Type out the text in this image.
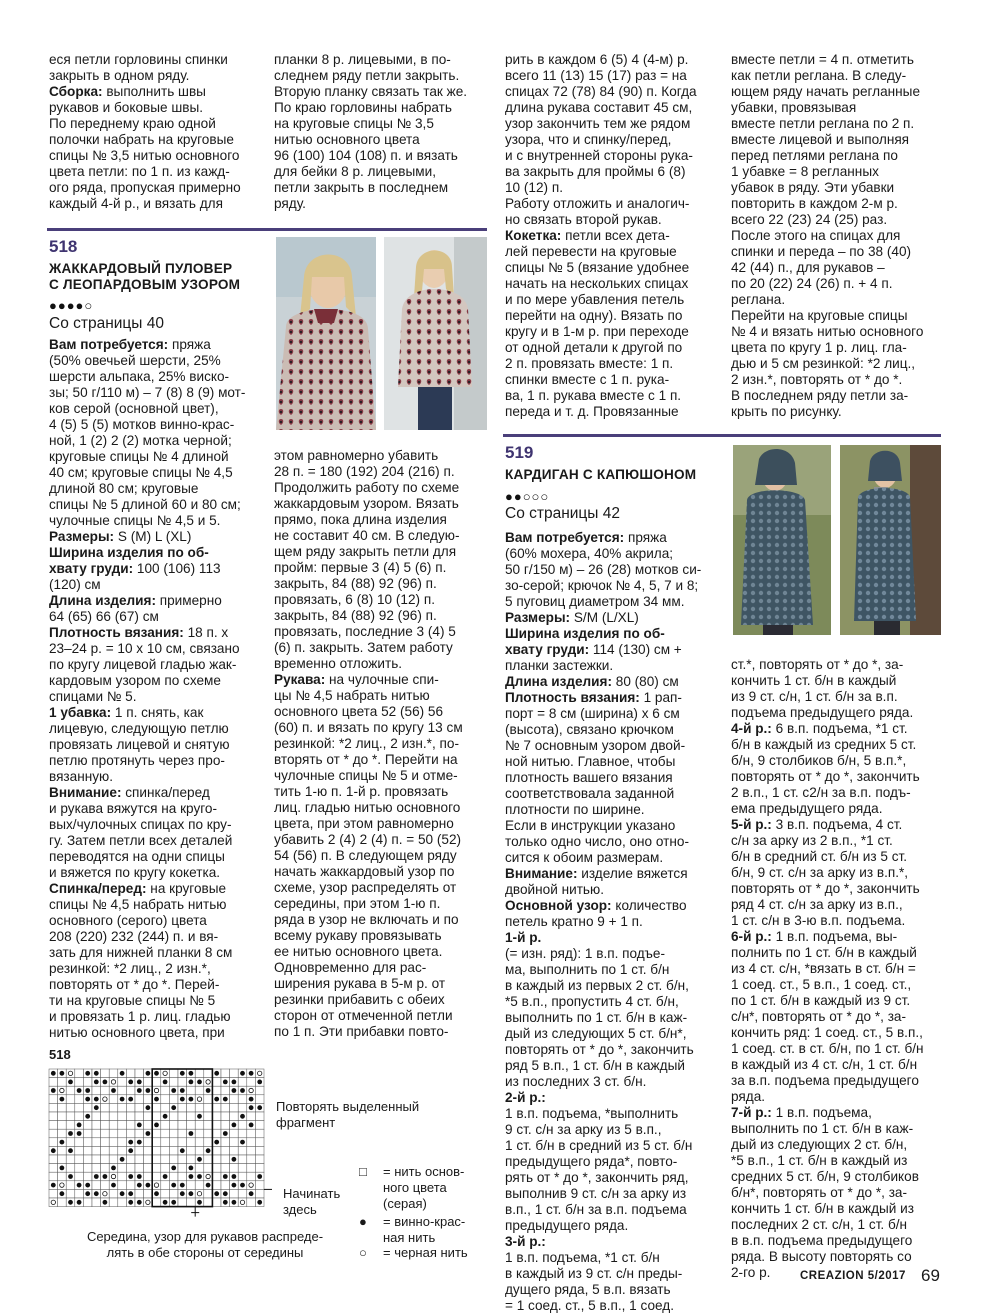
еся петли горловины спинки
закрыть в одном ряду.

Сборка: выполнить швы
рукавов и боковые швы.
По переднему краю одной
полочки набрать на круговые
спицы № 3,5 нитью основного
цвета петли: по 1 п. из кажд-
ого ряда, пропуская примерно
каждый 4-й р., и вязать для

планки 8 р. лицевыми, в по-
следнем ряду петли закрыть.
Вторую планку связать так же.
По краю горловины набрать
на круговые спицы № 3,5
нитью основного цвета
96 (100) 104 (108) п. и вязать
для бейки 8 р. лицевыми,
петли закрыть в последнем
ряду.

рить в каждом 6 (5) 4 (4-м) р.
всего 11 (13) 15 (17) раз = на
спицах 72 (78) 84 (90) п. Когда
длина рукава составит 45 см,
узор закончить тем же рядом
узора, что и спинку/перед,
и с внутренней стороны рука-
ва закрыть для проймы 6 (8)
10 (12) п.
Работу отложить и аналогич-
но связать второй рукав.

Кокетка: петли всех дета-
лей перевести на круговые
спицы № 5 (вязание удобнее
начать на нескольких спицах
и по мере убавления петель
перейти на одну). Вязать по
кругу и в 1-м р. при переходе
от одной детали к другой по
2 п. провязать вместе: 1 п.
спинки вместе с 1 п. рука-
ва, 1 п. рукава вместе с 1 п.
переда и т. д. Провязанные

вместе петли = 4 п. отметить
как петли реглана. В следу-
ющем ряду начать регланные
убавки, провязывая
вместе петли реглана по 2 п.
вместе лицевой и выполняя
перед петлями реглана по
1 убавке = 8 регланных
убавок в ряду. Эти убавки
повторить в каждом 2-м р.
всего 22 (23) 24 (25) раз.
После этого на спицах для
спинки и переда – по 38 (40)
42 (44) п., для рукавов –
по 20 (22) 24 (26) п. + 4 п.
реглана.
Перейти на круговые спицы
№ 4 и вязать нитью основного
цвета по кругу 1 р. лиц. гла-
дью и 5 см резинкой: *2 лиц.,
2 изн.*, повторять от * до *.
В последнем ряду петли за-
крыть по рисунку.

518
ЖАККАРДОВЫЙ ПУЛОВЕР
С ЛЕОПАРДОВЫМ УЗОРОМ
●●●●○
Со страницы 40

Вам потребуется: пряжа
(50% овечьей шерсти, 25%
шерсти альпака, 25% виско-
зы; 50 г/110 м) – 7 (8) 8 (9) мот-
ков серой (основной цвет),
4 (5) 5 (5) мотков винно-крас-
ной, 1 (2) 2 (2) мотка черной;
круговые спицы № 4 длиной
40 см; круговые спицы № 4,5
длиной 80 см; круговые
спицы № 5 длиной 60 и 80 см;
чулочные спицы № 4,5 и 5.

Размеры: S (M) L (XL)

Ширина изделия по об-
хвату груди: 100 (106) 113
(120) см

Длина изделия: примерно
64 (65) 66 (67) см

Плотность вязания: 18 п. х
23–24 р. = 10 х 10 см, связано
по кругу лицевой гладью жак-
кардовым узором по схеме
спицами № 5.

1 убавка: 1 п. снять, как
лицевую, следующую петлю
провязать лицевой и снятую
петлю протянуть через про-
вязанную.

Внимание: спинка/перед
и рукава вяжутся на круго-
вых/чулочных спицах по кру-
гу. Затем петли всех деталей
переводятся на одни спицы
и вяжется по кругу кокетка.

Спинка/перед: на круговые
спицы № 4,5 набрать нитью
основного (серого) цвета
208 (220) 232 (244) п. и вя-
зать для нижней планки 8 см
резинкой: *2 лиц., 2 изн.*,
повторять от * до *. Перей-
ти на круговые спицы № 5
и провязать 1 р. лиц. гладью
нитью основного цвета, при

этом равномерно убавить
28 п. = 180 (192) 204 (216) п.
Продолжить работу по схеме
жаккардовым узором. Вязать
прямо, пока длина изделия
не составит 40 см. В следую-
щем ряду закрыть петли для
пройм: первые 3 (4) 5 (6) п.
закрыть, 84 (88) 92 (96) п.
провязать, 6 (8) 10 (12) п.
закрыть, 84 (88) 92 (96) п.
провязать, последние 3 (4) 5
(6) п. закрыть. Затем работу
временно отложить.

Рукава: на чулочные спи-
цы № 4,5 набрать нитью
основного цвета 52 (56) 56
(60) п. и вязать по кругу 13 см
резинкой: *2 лиц., 2 изн.*, по-
вторять от * до *. Перейти на
чулочные спицы № 5 и отме-
тить 1-ю п. 1-й р. провязать
лиц. гладью нитью основного
цвета, при этом равномерно
убавить 2 (4) 2 (4) п. = 50 (52)
54 (56) п. В следующем ряду
начать жаккардовый узор по
схеме, узор распределять от
середины, при этом 1-ю п.
ряда в узор не включать и по
всему рукаву провязывать
ее нитью основного цвета.
Одновременно для рас-
ширения рукава в 5-м р. от
резинки прибавить с обеих
сторон от отмеченной петли
по 1 п. Эти прибавки повто-

519
КАРДИГАН С КАПЮШОНОМ
●●○○○
Со страницы 42

Вам потребуется: пряжа
(60% мохера, 40% акрила;
50 г/150 м) – 26 (28) мотков си-
зо-серой; крючок № 4, 5, 7 и 8;
5 пуговиц диаметром 34 мм.

Размеры: S/M (L/XL)

Ширина изделия по об-
хвату груди: 114 (130) см +
планки застежки.

Длина изделия: 80 (80) см

Плотность вязания: 1 рап-
порт = 8 см (ширина) х 6 см
(высота), связано крючком
№ 7 основным узором двой-
ной нитью. Главное, чтобы
плотность вашего вязания
соответствовала заданной
плотности по ширине.
Если в инструкции указано
только одно число, оно отно-
сится к обоим размерам.

Внимание: изделие вяжется
двойной нитью.

Основной узор: количество
петель кратно 9 + 1 п.

1-й р.
(= изн. ряд): 1 в.п. подъе-
ма, выполнить по 1 ст. б/н
в каждый из первых 2 ст. б/н,
*5 в.п., пропустить 4 ст. б/н,
выполнить по 1 ст. б/н в каж-
дый из следующих 5 ст. б/н*,
повторять от * до *, закончить
ряд 5 в.п., 1 ст. б/н в каждый
из последних 3 ст. б/н.

2-й р.:
1 в.п. подъема, *выполнить
9 ст. с/н за арку из 5 в.п.,
1 ст. б/н в средний из 5 ст. б/н
предыдущего ряда*, повто-
рять от * до *, закончить ряд,
выполнив 9 ст. с/н за арку из
в.п., 1 ст. б/н за в.п. подъема
предыдущего ряда.

3-й р.:
1 в.п. подъема, *1 ст. б/н
в каждый из 9 ст. с/н преды-
дущего ряда, 5 в.п. вязать
= 1 соед. ст., 5 в.п., 1 соед.

ст.*, повторять от * до *, за-
кончить 1 ст. б/н в каждый
из 9 ст. с/н, 1 ст. б/н за в.п.
подъема предыдущего ряда.

4-й р.: 6 в.п. подъема, *1 ст.
б/н в каждый из средних 5 ст.
б/н, 9 столбиков б/н, 5 в.п.*,
повторять от * до *, закончить
2 в.п., 1 ст. с2/н за в.п. подъ-
ема предыдущего ряда.

5-й р.: 3 в.п. подъема, 4 ст.
с/н за арку из 2 в.п., *1 ст.
б/н в средний ст. б/н из 5 ст.
б/н, 9 ст. с/н за арку из в.п.*,
повторять от * до *, закончить
ряд 4 ст. с/н за арку из в.п.,
1 ст. с/н в 3-ю в.п. подъема.

6-й р.: 1 в.п. подъема, вы-
полнить по 1 ст. б/н в каждый
из 4 ст. с/н, *вязать в ст. б/н =
1 соед. ст., 5 в.п., 1 соед. ст.,
по 1 ст. б/н в каждый из 9 ст.
с/н*, повторять от * до *, за-
кончить ряд: 1 соед. ст., 5 в.п.,
1 соед. ст. в ст. б/н, по 1 ст. б/н
в каждый из 4 ст. с/н, 1 ст. б/н
за в.п. подъема предыдущего
ряда.

7-й р.: 1 в.п. подъема,
выполнить по 1 ст. б/н в каж-
дый из следующих 2 ст. б/н,
*5 в.п., 1 ст. б/н в каждый из
средних 5 ст. б/н, 9 столбиков
б/н*, повторять от * до *, за-
кончить 1 ст. б/н в каждый из
последних 2 ст. с/н, 1 ст. б/н
в в.п. подъема предыдущего
ряда. В высоту повторять со
2-го р.

518
Повторять выделенный
фрагмент
Начинать
здесь
Середина, узор для рукавов распреде-
лять в обе стороны от середины
□ = нить основ-
ного цвета
(серая)
● = винно-крас-
ная нить
○ = черная нить
CREAZION 5/2017 69
